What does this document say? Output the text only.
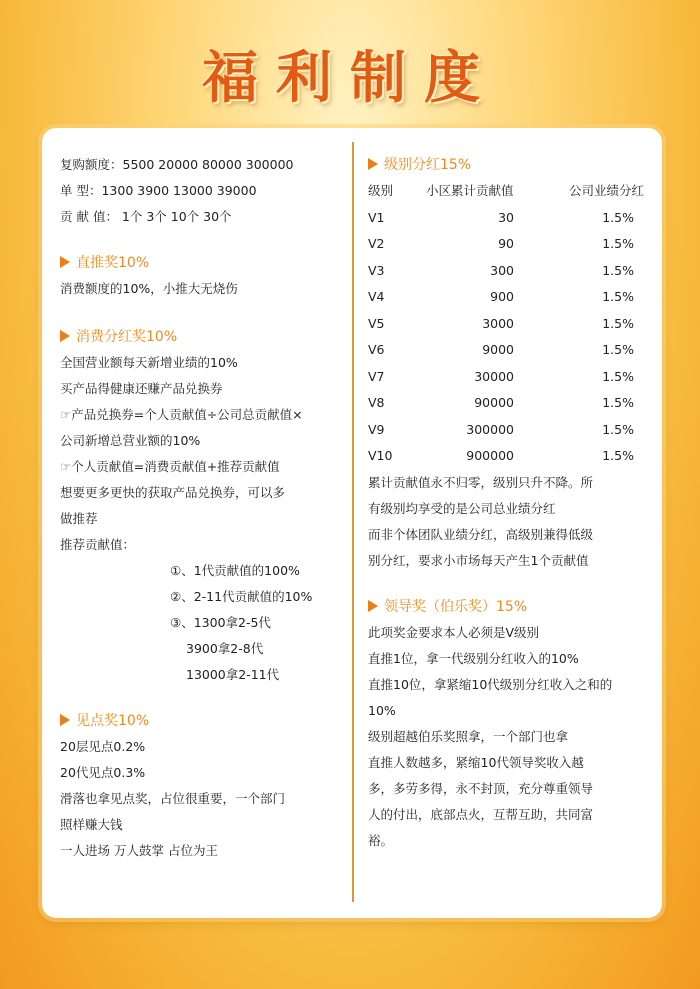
福利制度
复购额度：5500 20000 80000 300000
单 型：1300 3900 13000 39000
贡 献 值： 1个 3个 10个 30个
直推奖10%
消费额度的10%，小推大无烧伤
消费分红奖10%
全国营业额每天新增业绩的10%
买产品得健康还赚产品兑换券
☞产品兑换券=个人贡献值÷公司总贡献值×
公司新增总营业额的10%
☞个人贡献值=消费贡献值+推荐贡献值
想要更多更快的获取产品兑换券，可以多
做推荐
推荐贡献值：
①、1代贡献值的100%
②、2-11代贡献值的10%
③、1300拿2-5代
3900拿2-8代
13000拿2-11代
见点奖10%
20层见点0.2%
20代见点0.3%
滑落也拿见点奖，占位很重要，一个部门
照样赚大钱
一人进场 万人鼓掌 占位为王
级别分红15%
级别	小区累计贡献值	公司业绩分红
V1	30	1.5%
V2	90	1.5%
V3	300	1.5%
V4	900	1.5%
V5	3000	1.5%
V6	9000	1.5%
V7	30000	1.5%
V8	90000	1.5%
V9	300000	1.5%
V10	900000	1.5%
累计贡献值永不归零，级别只升不降。所
有级别均享受的是公司总业绩分红
而非个体团队业绩分红，高级别兼得低级
别分红，要求小市场每天产生1个贡献值
领导奖（伯乐奖）15%
此项奖金要求本人必须是V级别
直推1位，拿一代级别分红收入的10%
直推10位，拿紧缩10代级别分红收入之和的
10%
级别超越伯乐奖照拿，一个部门也拿
直推人数越多，紧缩10代领导奖收入越
多，多劳多得，永不封顶，充分尊重领导
人的付出，底部点火，互帮互助，共同富
裕。
